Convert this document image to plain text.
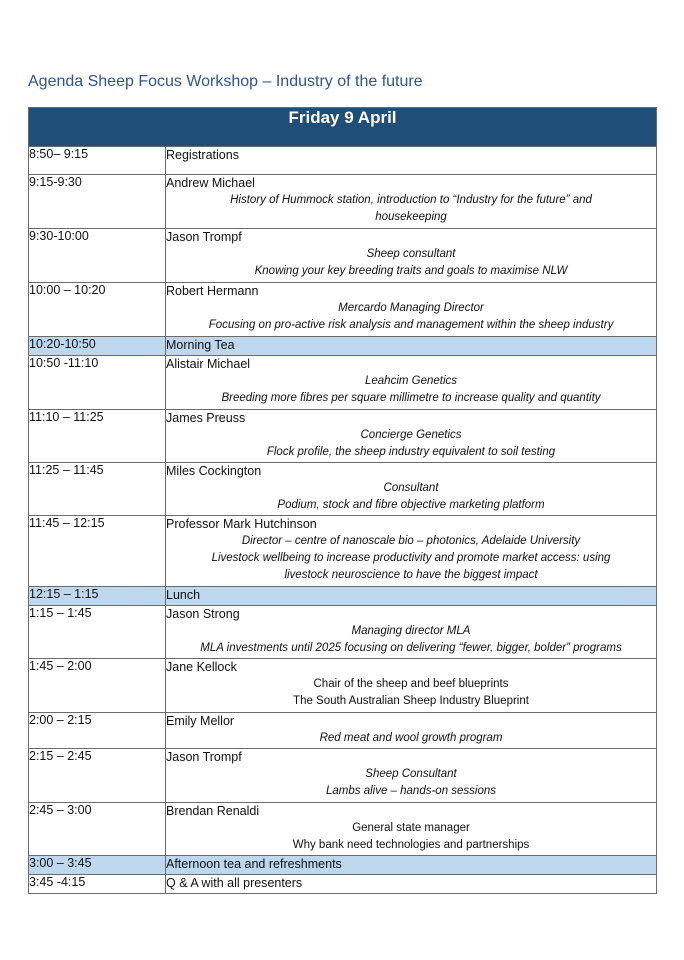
Agenda Sheep Focus Workshop – Industry of the future
Friday 9 April	
8:50– 9:15	Registrations

9:15-9:30	Andrew Michael
History of Hummock station, introduction to “Industry for the future” and
housekeeping

9:30-10:00	Jason Trompf
Sheep consultant
Knowing your key breeding traits and goals to maximise NLW

10:00 – 10:20	Robert Hermann
Mercardo Managing Director
Focusing on pro-active risk analysis and management within the sheep industry

10:20-10:50	Morning Tea

10:50 -11:10	Alistair Michael
Leahcim Genetics
Breeding more fibres per square millimetre to increase quality and quantity

11:10 – 11:25	James Preuss
Concierge Genetics
Flock profile, the sheep industry equivalent to soil testing

11:25 – 11:45	Miles Cockington
Consultant
Podium, stock and fibre objective marketing platform

11:45 – 12:15	Professor Mark Hutchinson
Director – centre of nanoscale bio – photonics, Adelaide University
Livestock wellbeing to increase productivity and promote market access: using
livestock neuroscience to have the biggest impact

12:15 – 1:15	Lunch

1:15 – 1:45	Jason Strong
Managing director MLA
MLA investments until 2025 focusing on delivering “fewer, bigger, bolder” programs

1:45 – 2:00	Jane Kellock
Chair of the sheep and beef blueprints
The South Australian Sheep Industry Blueprint

2:00 – 2:15	Emily Mellor
Red meat and wool growth program

2:15 – 2:45	Jason Trompf
Sheep Consultant
Lambs alive – hands-on sessions

2:45 – 3:00	Brendan Renaldi
General state manager
Why bank need technologies and partnerships

3:00 – 3:45	Afternoon tea and refreshments

3:45 -4:15	Q & A with all presenters
